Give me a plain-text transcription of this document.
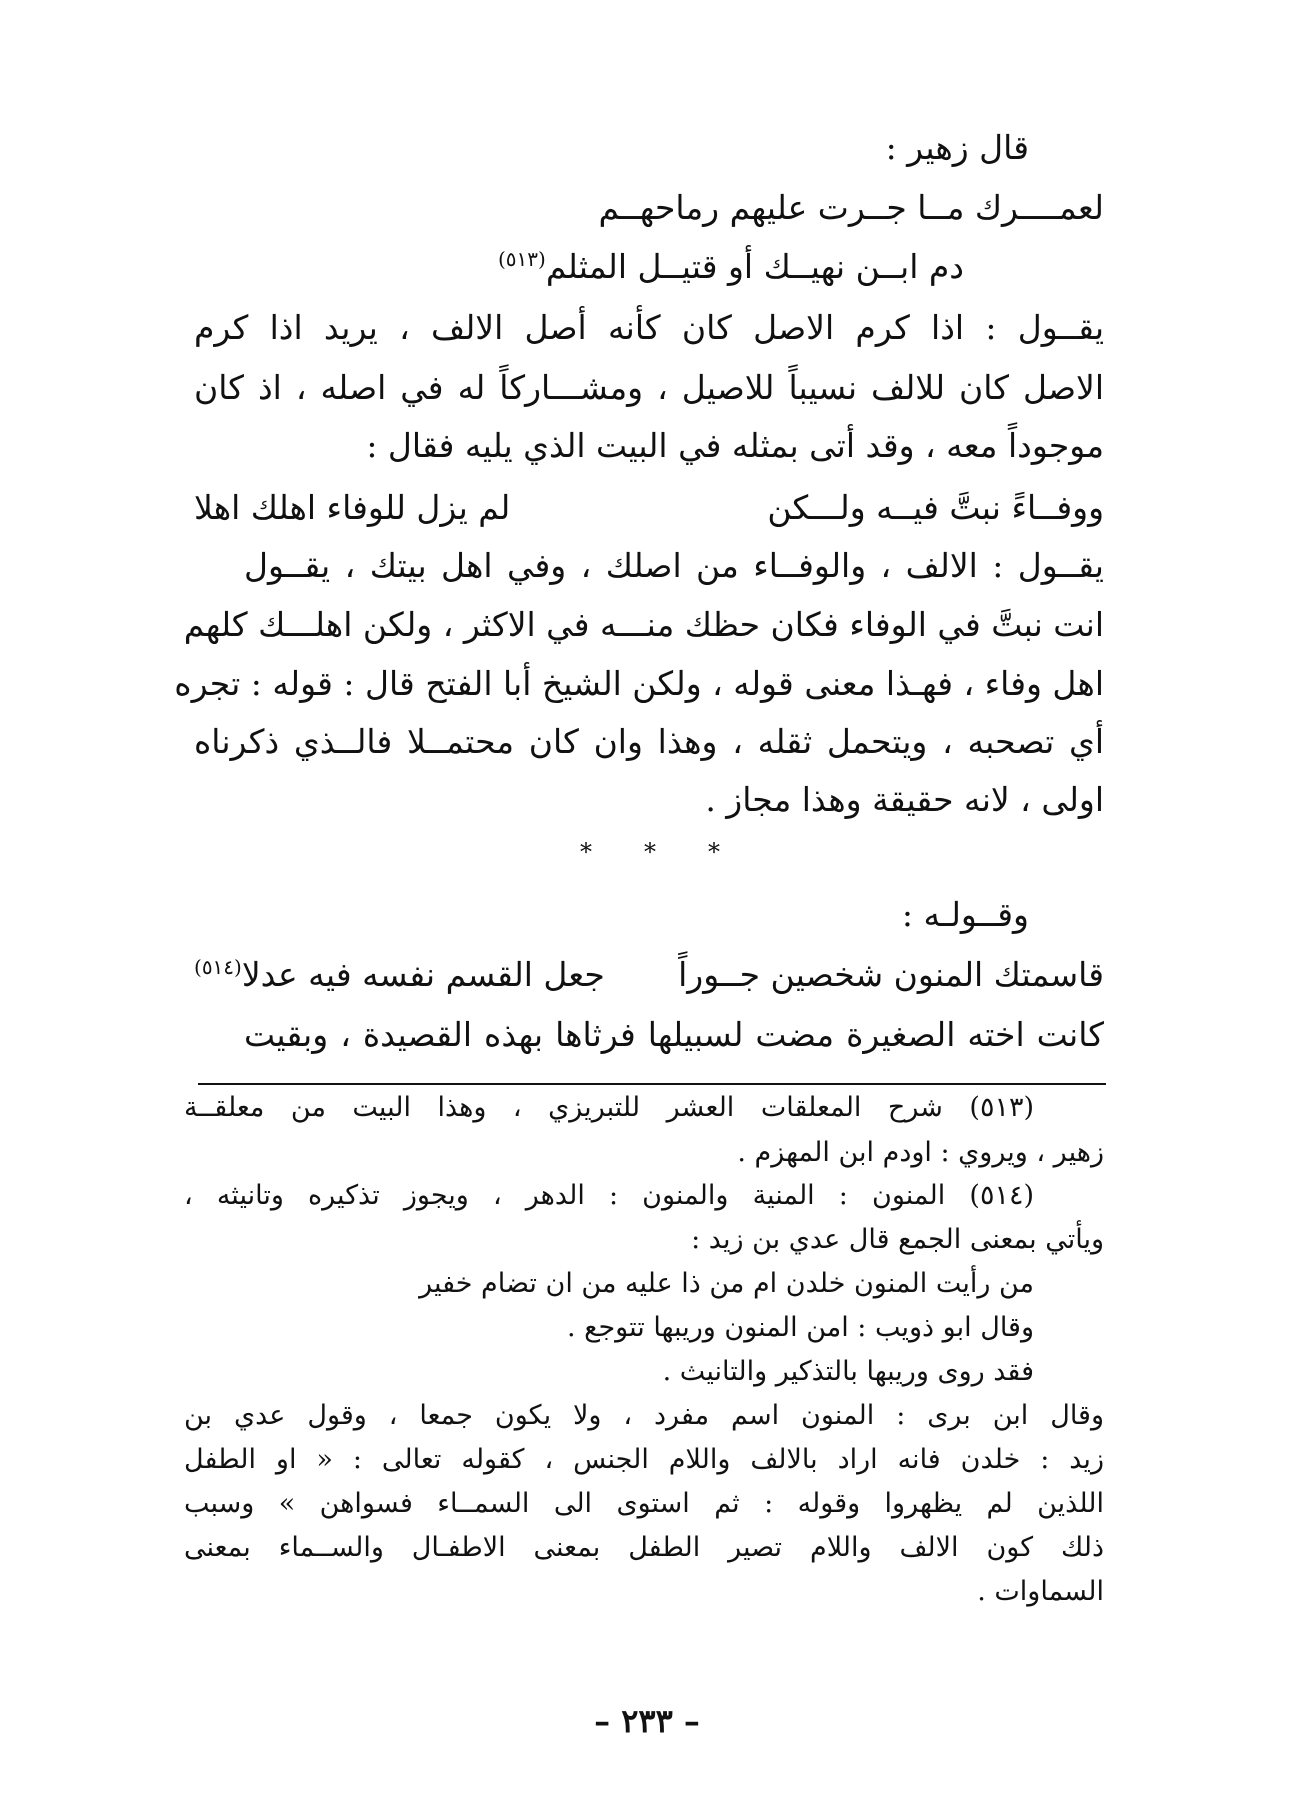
قال زهير :
لعمــــرك مــا جــرت عليهم رماحهــم
دم ابــن نهيــك أو قتيــل المثلم$^{(٥١٣)}$
يقــول : اذا كرم الاصل كان كأنه أصل الالف ، يريد اذا كرم
الاصل كان للالف نسيباً للاصيل ، ومشـــاركاً له في اصله ، اذ كان
موجوداً معه ، وقد أتى بمثله في البيت الذي يليه فقال :
ووفــاءً نبتَّ فيــه ولـــكن
لم يزل للوفاء اهلك اهلا
يقــول : الالف ، والوفــاء من اصلك ، وفي اهل بيتك ، يقــول
انت نبتَّ في الوفاء فكان حظك منـــه في الاكثر ، ولكن اهلـــك كلهم
اهل وفاء ، فهـذا معنى قوله ، ولكن الشيخ أبا الفتح قال : قوله : تجره
أي تصحبه ، ويتحمل ثقله ، وهذا وان كان محتمــلا فالــذي ذكرناه
اولى ، لانه حقيقة وهذا مجاز .
* * *
وقــولـه :
قاسمتك المنون شخصين جــوراً
جعل القسم نفسه فيه عدلا$^{(٥١٤)}$
كانت اخته الصغيرة مضت لسبيلها فرثاها بهذه القصيدة ، وبقيت
(٥١٣) شرح المعلقات العشر للتبريزي ، وهذا البيت من معلقــة
زهير ، ويروي : اودم ابن المهزم .
(٥١٤) المنون : المنية والمنون : الدهر ، ويجوز تذكيره وتانيثه ،
ويأتي بمعنى الجمع قال عدي بن زيد :
من رأيت المنون خلدن ام من ذا عليه من ان تضام خفير
وقال ابو ذويب : امن المنون وريبها تتوجع .
فقد روى وريبها بالتذكير والتانيث .
وقال ابن برى : المنون اسم مفرد ، ولا يكون جمعا ، وقول عدي بن
زيد : خلدن فانه اراد بالالف واللام الجنس ، كقوله تعالى : « او الطفل
اللذين لم يظهروا وقوله : ثم استوى الى السمــاء فسواهن » وسبب
ذلك كون الالف واللام تصير الطفل بمعنى الاطفـال والســماء بمعنى
السماوات .
– ٢٣٣ –
